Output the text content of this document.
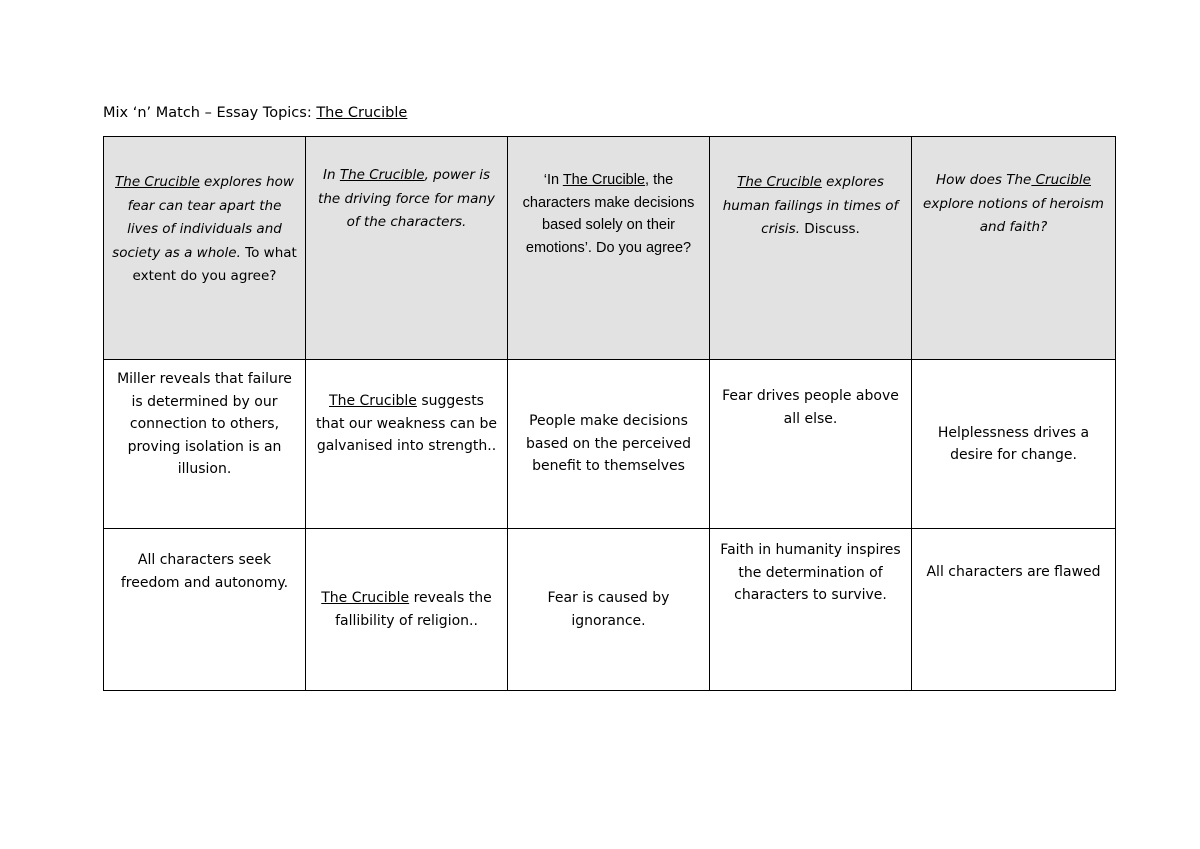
Mix ‘n’ Match – Essay Topics: The Crucible
The Crucible explores how fear can tear apart the lives of individuals and society as a whole. To what extent do you agree?	In The Crucible, power is the driving force for many of the characters.	‘In The Crucible, the characters make decisions based solely on their emotions’. Do you agree?	The Crucible explores human failings in times of crisis. Discuss.	How does The Crucible explore notions of heroism and faith?
Miller reveals that failure is determined by our connection to others, proving isolation is an illusion.	The Crucible suggests that our weakness can be galvanised into strength..	People make decisions based on the perceived benefit to themselves	Fear drives people above all else.	Helplessness drives a desire for change.
All characters seek freedom and autonomy.	The Crucible reveals the fallibility of religion..	Fear is caused by ignorance.	Faith in humanity inspires the determination of characters to survive.	All characters are flawed
